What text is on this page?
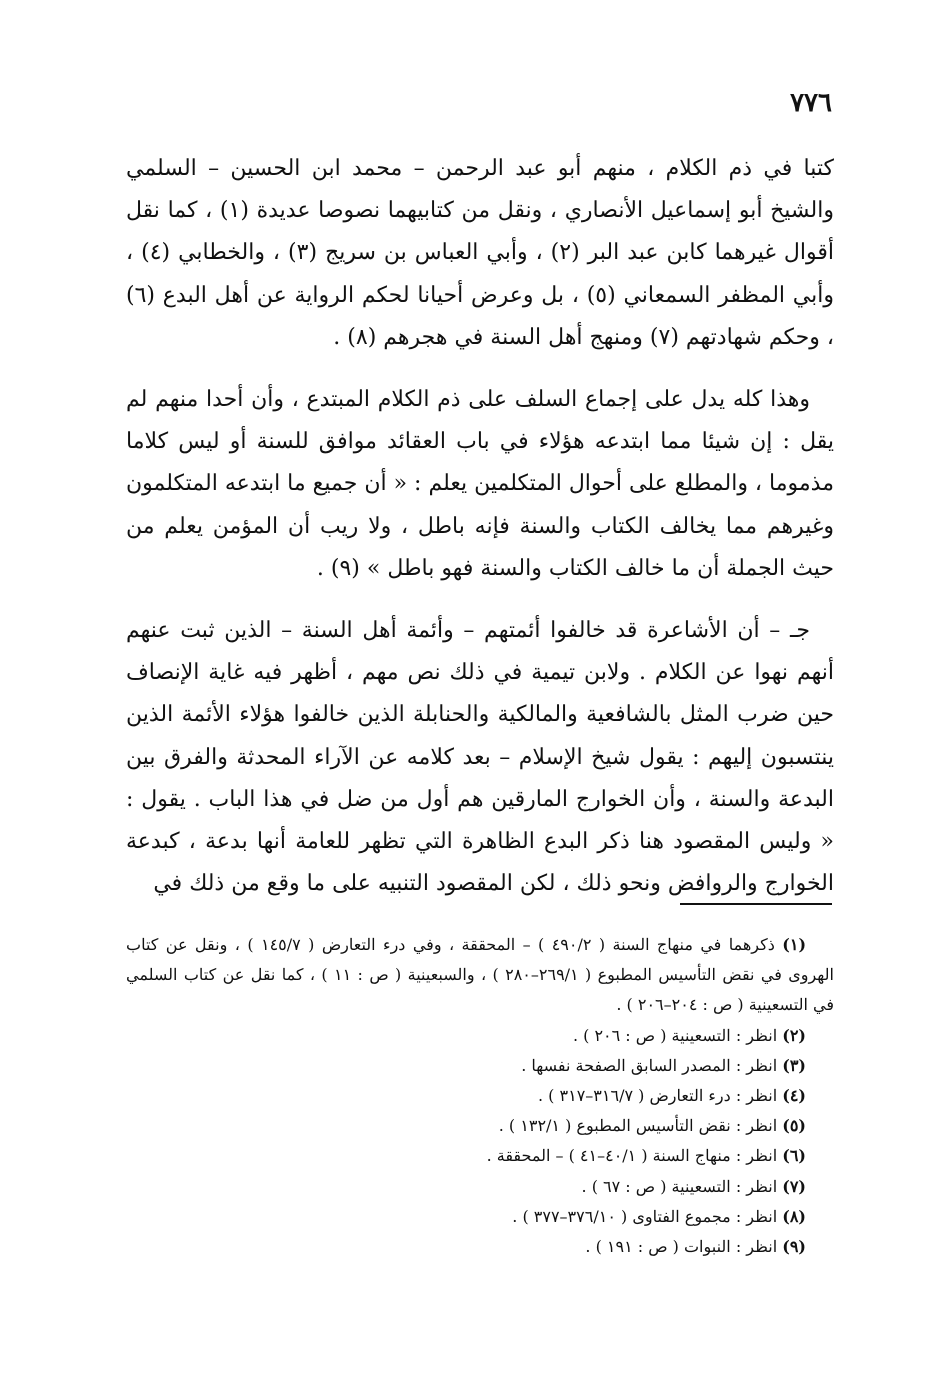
٧٧٦

كتبا في ذم الكلام ، منهم أبو عبد الرحمن – محمد ابن الحسين – السلمي والشيخ أبو إسماعيل الأنصاري ، ونقل من كتابيهما نصوصا عديدة (١) ، كما نقل أقوال غيرهما كابن عبد البر (٢) ، وأبي العباس بن سريج (٣) ، والخطابي (٤) ، وأبي المظفر السمعاني (٥) ، بل وعرض أحيانا لحكم الرواية عن أهل البدع (٦) ، وحكم شهادتهم (٧) ومنهج أهل السنة في هجرهم (٨) .

وهذا كله يدل على إجماع السلف على ذم الكلام المبتدع ، وأن أحدا منهم لم يقل : إن شيئا مما ابتدعه هؤلاء في باب العقائد موافق للسنة أو ليس كلاما مذموما ، والمطلع على أحوال المتكلمين يعلم : « أن جميع ما ابتدعه المتكلمون وغيرهم مما يخالف الكتاب والسنة فإنه باطل ، ولا ريب أن المؤمن يعلم من حيث الجملة أن ما خالف الكتاب والسنة فهو باطل » (٩) .

جـ – أن الأشاعرة قد خالفوا أئمتهم – وأئمة أهل السنة – الذين ثبت عنهم أنهم نهوا عن الكلام . ولابن تيمية في ذلك نص مهم ، أظهر فيه غاية الإنصاف حين ضرب المثل بالشافعية والمالكية والحنابلة الذين خالفوا هؤلاء الأئمة الذين ينتسبون إليهم : يقول شيخ الإسلام – بعد كلامه عن الآراء المحدثة والفرق بين البدعة والسنة ، وأن الخوارج المارقين هم أول من ضل في هذا الباب . يقول : « وليس المقصود هنا ذكر البدع الظاهرة التي تظهر للعامة أنها بدعة ، كبدعة الخوارج والروافض ونحو ذلك ، لكن المقصود التنبيه على ما وقع من ذلك في

(١) ذكرهما في منهاج السنة ( ٤٩٠/٢ ) – المحققة ، وفي درء التعارض ( ١٤٥/٧ ) ، ونقل عن كتاب الهروى في نقض التأسيس المطبوع ( ٢٦٩/١–٢٨٠ ) ، والسبعينية ( ص : ١١ ) ، كما نقل عن كتاب السلمي في التسعينية ( ص : ٢٠٤–٢٠٦ ) .

(٢) انظر : التسعينية ( ص : ٢٠٦ ) .

(٣) انظر : المصدر السابق الصفحة نفسها .

(٤) انظر : درء التعارض ( ٣١٦/٧–٣١٧ ) .

(٥) انظر : نقض التأسيس المطبوع ( ١٣٢/١ ) .

(٦) انظر : منهاج السنة ( ٤٠/١–٤١ ) – المحققة .

(٧) انظر : التسعينية ( ص : ٦٧ ) .

(٨) انظر : مجموع الفتاوى ( ٣٧٦/١٠–٣٧٧ ) .

(٩) انظر : النبوات ( ص : ١٩١ ) .
